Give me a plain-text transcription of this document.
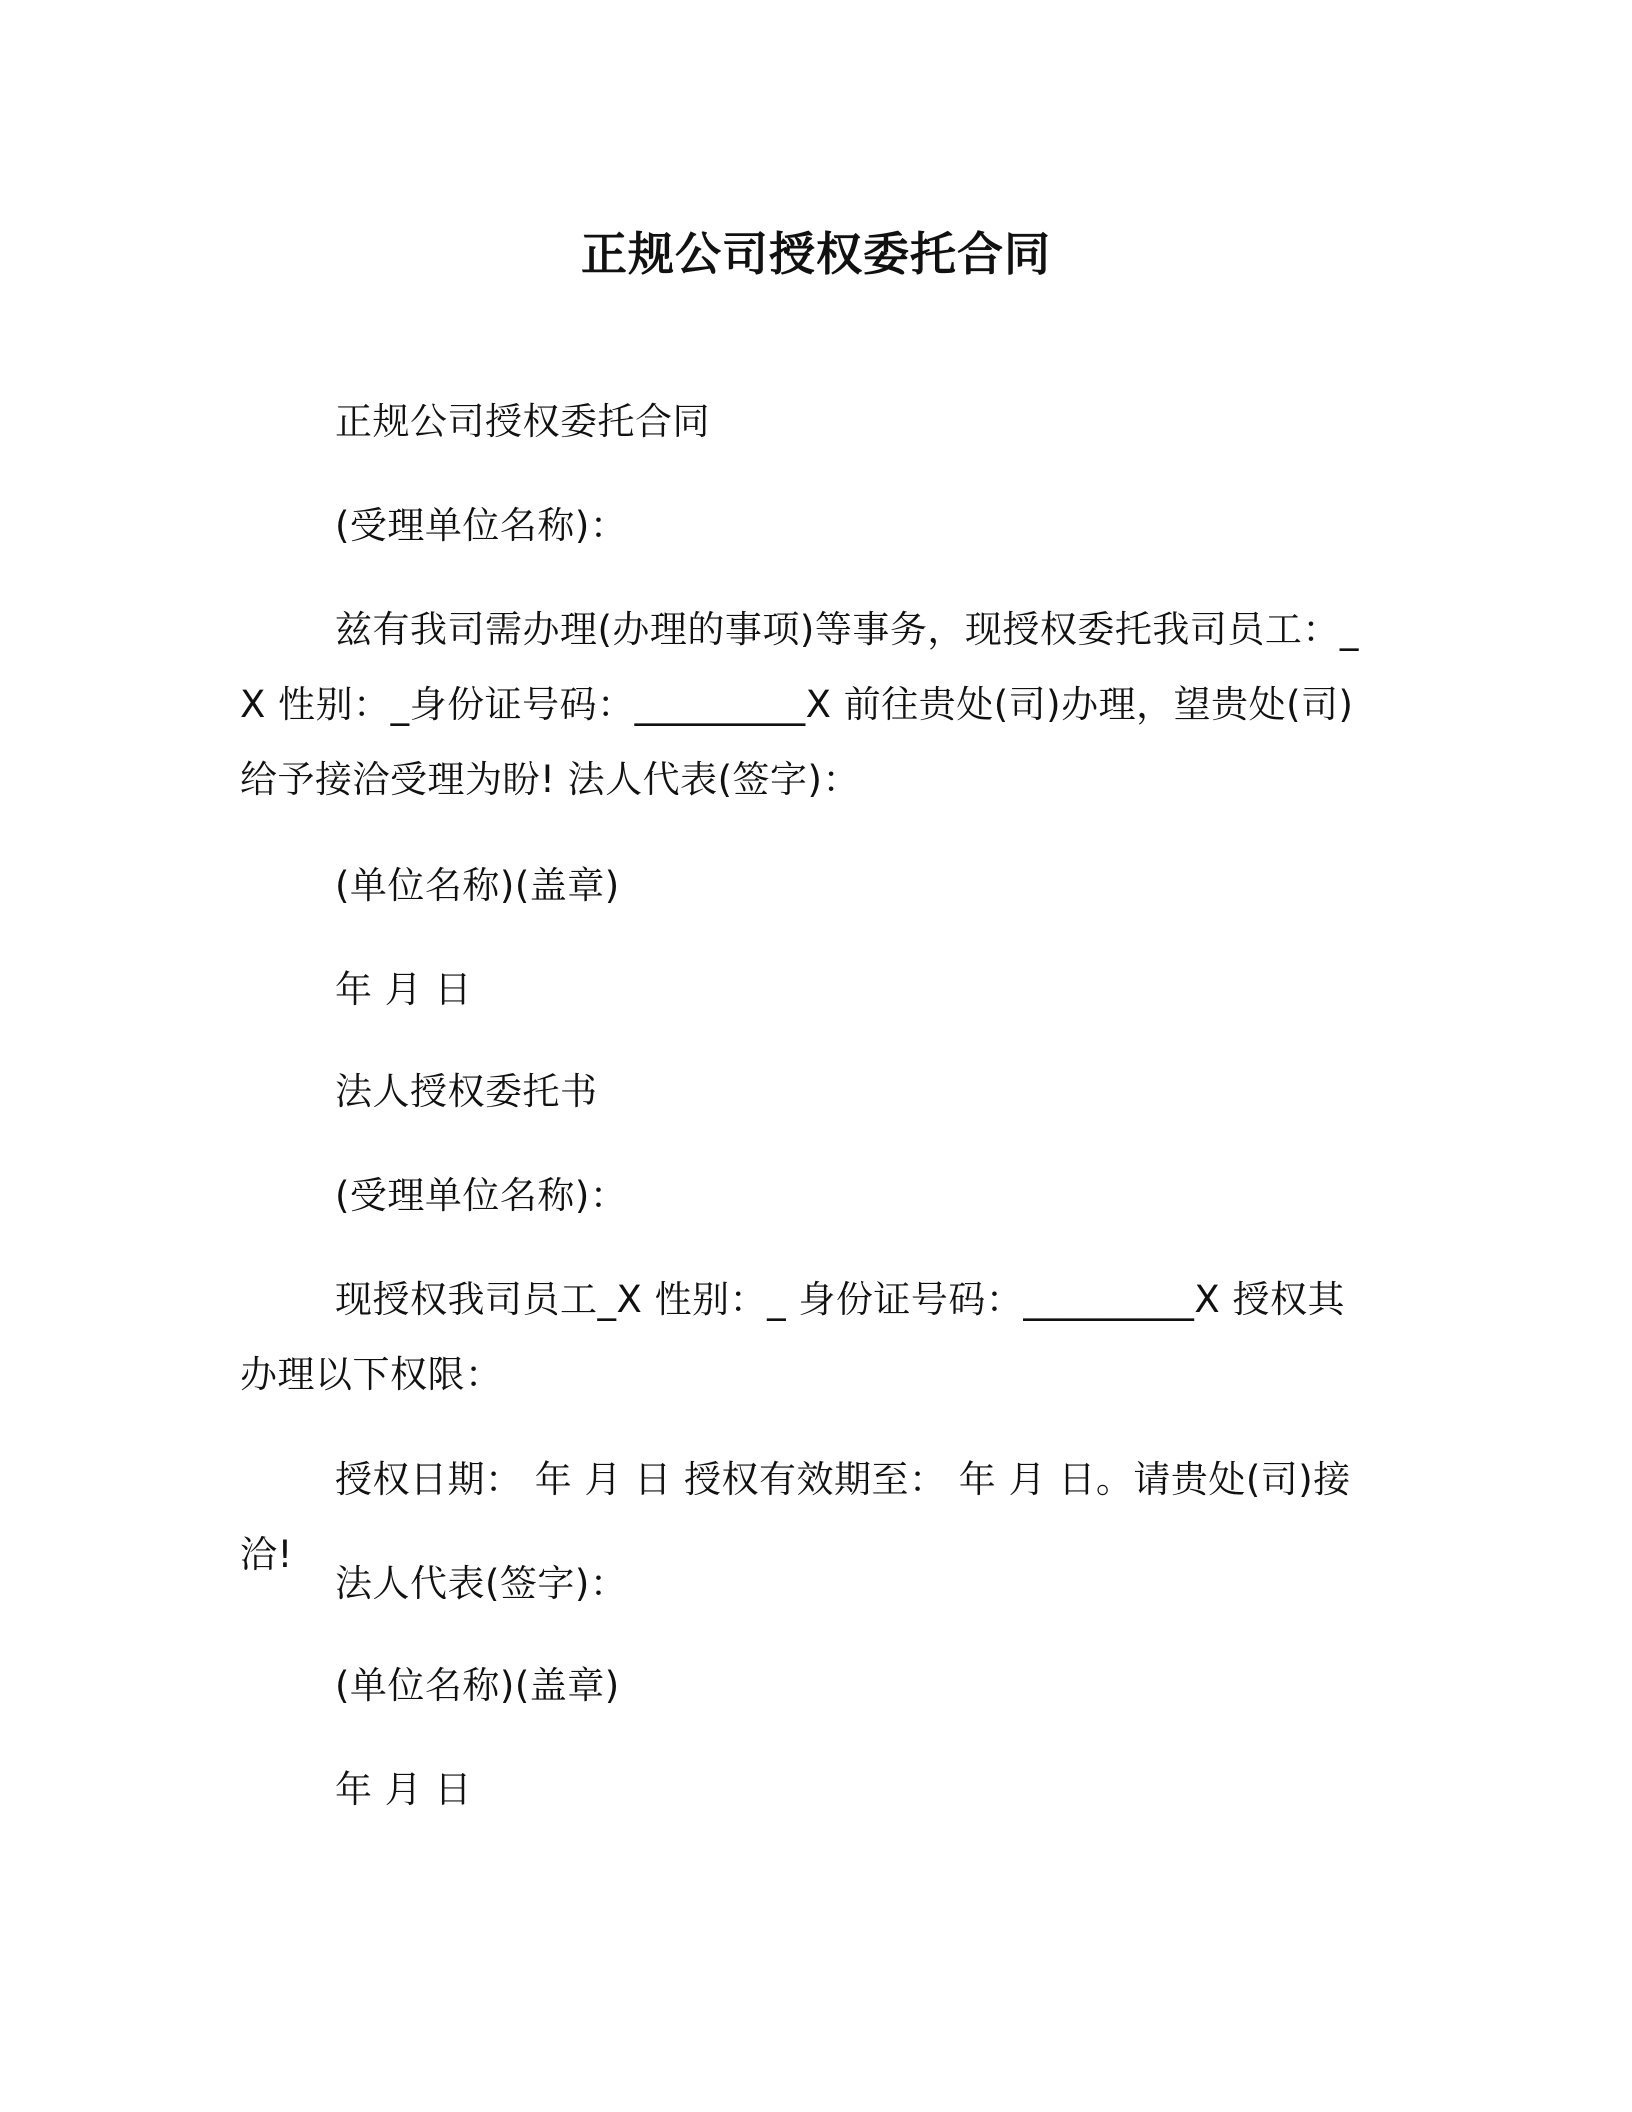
正规公司授权委托合同
正规公司授权委托合同
(受理单位名称)：
兹有我司需办理(办理的事项)等事务，现授权委托我司员工：_X 性别：_身份证号码：_________X 前往贵处(司)办理，望贵处(司)给予接洽受理为盼! 法人代表(签字)：
(单位名称)(盖章)
年 月 日
法人授权委托书
(受理单位名称)：
现授权我司员工_X 性别：_ 身份证号码：_________X 授权其办理以下权限：
授权日期： 年 月 日 授权有效期至： 年 月 日。请贵处(司)接洽!
法人代表(签字)：
(单位名称)(盖章)
年 月 日
